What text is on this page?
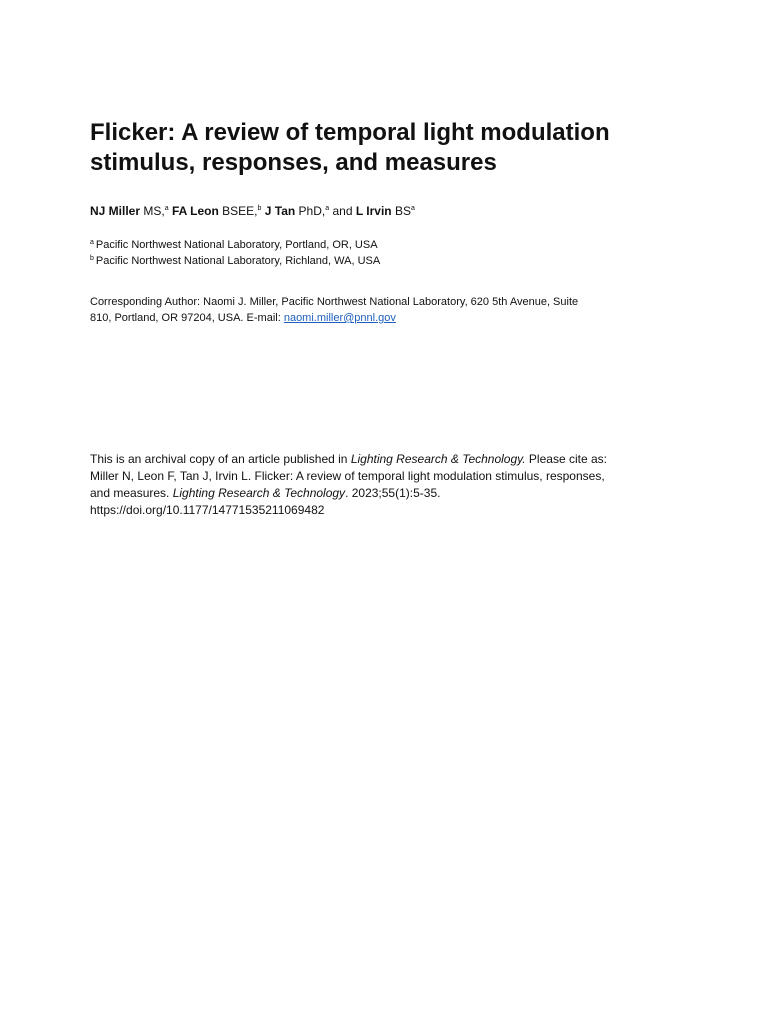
Flicker: A review of temporal light modulation
stimulus, responses, and measures
NJ Miller MS,$^a$ FA Leon BSEE,$^b$ J Tan PhD,$^a$ and L Irvin $BS^a$
$^a$ Pacific Northwest National Laboratory, Portland, OR, USA
$^b$ Pacific Northwest National Laboratory, Richland, WA, USA
Corresponding Author: Naomi J. Miller, Pacific Northwest National Laboratory, 620 5th Avenue, Suite
810, Portland, OR 97204, USA. E-mail: naomi.miller@pnnl.gov
This is an archival copy of an article published in Lighting Research & Technology. Please cite as:
Miller N, Leon F, Tan J, Irvin L. Flicker: A review of temporal light modulation stimulus, responses,
and measures. Lighting Research & Technology. 2023;55(1):5-35.
https://doi.org/10.1177/14771535211069482
